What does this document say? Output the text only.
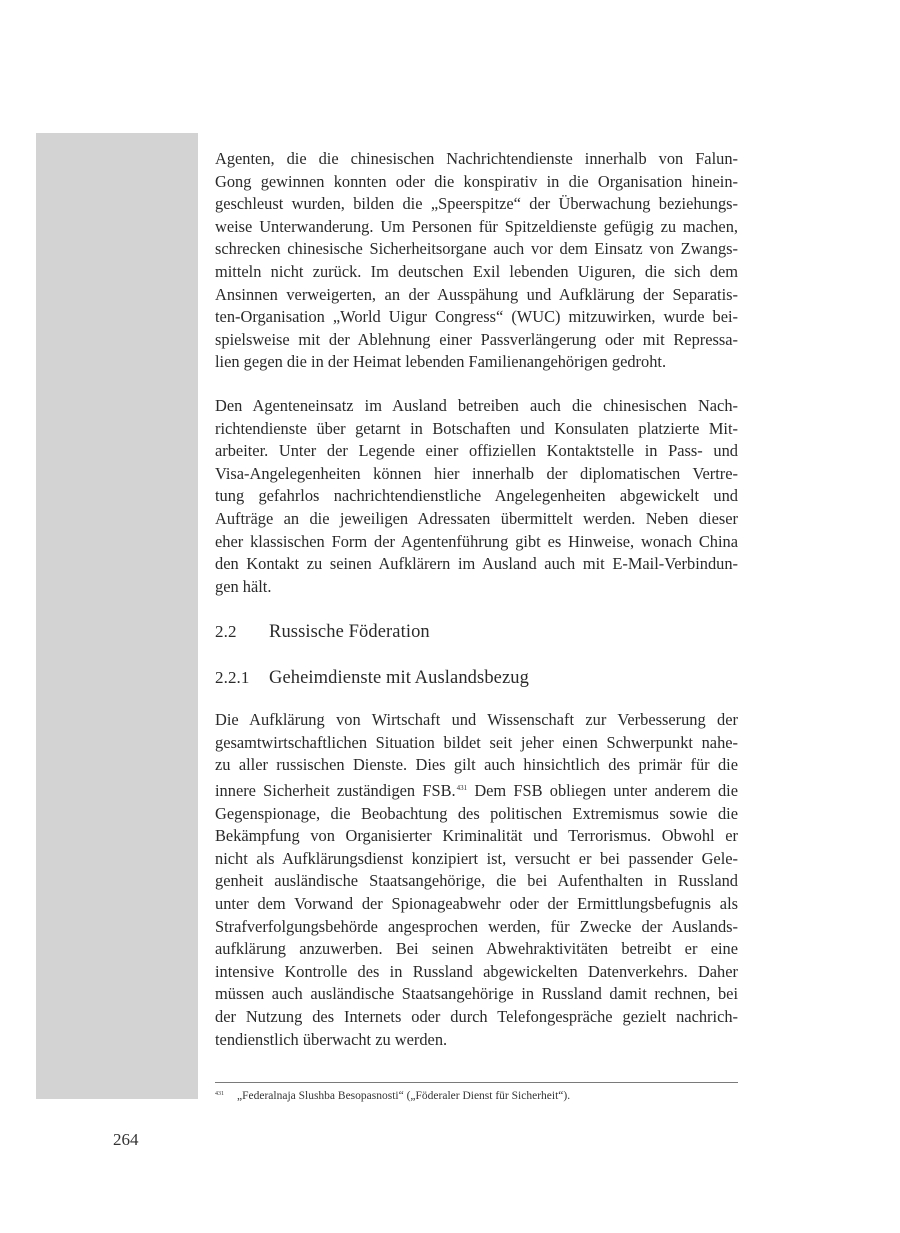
Agenten, die die chinesischen Nachrichtendienste innerhalb von Falun-
Gong gewinnen konnten oder die konspirativ in die Organisation hinein-
geschleust wurden, bilden die „Speerspitze“ der Überwachung beziehungs-
weise Unterwanderung. Um Personen für Spitzeldienste gefügig zu machen,
schrecken chinesische Sicherheitsorgane auch vor dem Einsatz von Zwangs-
mitteln nicht zurück. Im deutschen Exil lebenden Uiguren, die sich dem
Ansinnen verweigerten, an der Ausspähung und Aufklärung der Separatis-
ten-Organisation „World Uigur Congress“ (WUC) mitzuwirken, wurde bei-
spielsweise mit der Ablehnung einer Passverlängerung oder mit Repressa-
lien gegen die in der Heimat lebenden Familienangehörigen gedroht.

Den Agenteneinsatz im Ausland betreiben auch die chinesischen Nach-
richtendienste über getarnt in Botschaften und Konsulaten platzierte Mit-
arbeiter. Unter der Legende einer offiziellen Kontaktstelle in Pass- und
Visa-Angelegenheiten können hier innerhalb der diplomatischen Vertre-
tung gefahrlos nachrichtendienstliche Angelegenheiten abgewickelt und
Aufträge an die jeweiligen Adressaten übermittelt werden. Neben dieser
eher klassischen Form der Agentenführung gibt es Hinweise, wonach China
den Kontakt zu seinen Aufklärern im Ausland auch mit E-Mail-Verbindun-
gen hält.

2.2	Russische Föderation
2.2.1	Geheimdienste mit Auslandsbezug

Die Aufklärung von Wirtschaft und Wissenschaft zur Verbesserung der
gesamtwirtschaftlichen Situation bildet seit jeher einen Schwerpunkt nahe-
zu aller russischen Dienste. Dies gilt auch hinsichtlich des primär für die
innere Sicherheit zuständigen FSB.$^{431}$ Dem FSB obliegen unter anderem die
Gegenspionage, die Beobachtung des politischen Extremismus sowie die
Bekämpfung von Organisierter Kriminalität und Terrorismus. Obwohl er
nicht als Aufklärungsdienst konzipiert ist, versucht er bei passender Gele-
genheit ausländische Staatsangehörige, die bei Aufenthalten in Russland
unter dem Vorwand der Spionageabwehr oder der Ermittlungsbefugnis als
Strafverfolgungsbehörde angesprochen werden, für Zwecke der Auslands-
aufklärung anzuwerben. Bei seinen Abwehraktivitäten betreibt er eine
intensive Kontrolle des in Russland abgewickelten Datenverkehrs. Daher
müssen auch ausländische Staatsangehörige in Russland damit rechnen, bei
der Nutzung des Internets oder durch Telefongespräche gezielt nachrich-
tendienstlich überwacht zu werden.

431	„Federalnaja Slushba Besopasnosti“ („Föderaler Dienst für Sicherheit“).
264
